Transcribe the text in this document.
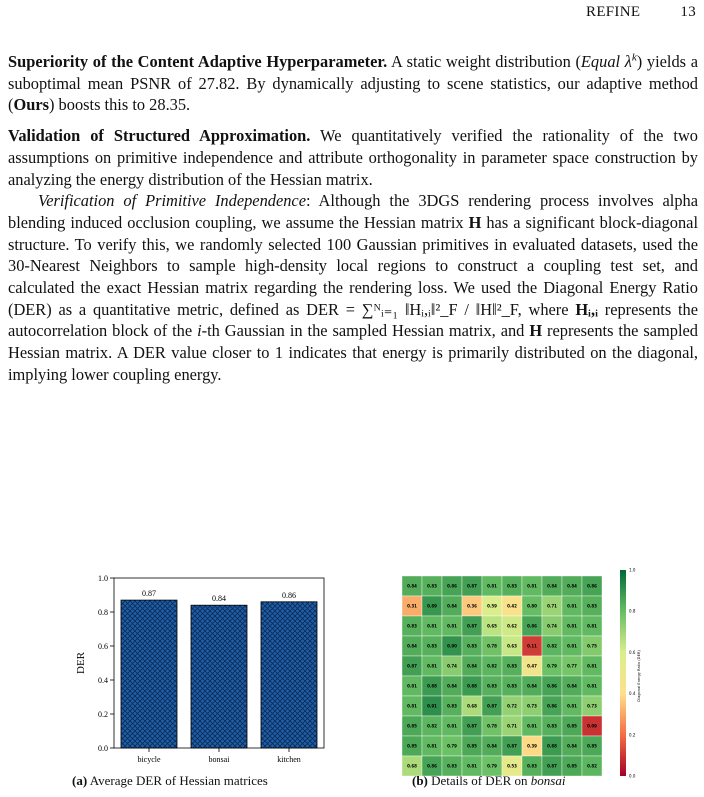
REFINE	13

Superiority of the Content Adaptive Hyperparameter. A static weight distribution (Equal $\lambda^k$) yields a suboptimal mean PSNR of 27.82. By dynamically adjusting to scene statistics, our adaptive method (Ours) boosts this to 28.35.

Validation of Structured Approximation. We quantitatively verified the rationality of the two assumptions on primitive independence and attribute orthogonality in parameter space construction by analyzing the energy distribution of the Hessian matrix.

Verification of Primitive Independence: Although the 3DGS rendering process involves alpha blending induced occlusion coupling, we assume the Hessian matrix H has a significant block-diagonal structure. To verify this, we randomly selected 100 Gaussian primitives in evaluated datasets, used the 30-Nearest Neighbors to sample high-density local regions to construct a coupling test set, and calculated the exact Hessian matrix regarding the rendering loss. We used the Diagonal Energy Ratio (DER) as a quantitative metric, defined as DER = ∑ᴺᵢ₌₁ ‖Hᵢ,ᵢ‖²_F / ‖H‖²_F, where Hᵢ,ᵢ represents the autocorrelation block of the i-th Gaussian in the sampled Hessian matrix, and H represents the sampled Hessian matrix. A DER value closer to 1 indicates that energy is primarily distributed on the diagonal, implying lower coupling energy.

0.0
0.2
0.4
0.6
0.8
1.0
DER
0.87
bicycle
0.84
bonsai
0.86
kitchen
0.84	0.83	0.86	0.87	0.81	0.83	0.81	0.84	0.84	0.86
0.31	0.89	0.84	0.36	0.59	0.42	0.80	0.71	0.81	0.83
0.83	0.81	0.81	0.87	0.65	0.62	0.86	0.74	0.81	0.81
0.84	0.83	0.90	0.83	0.78	0.63	0.11	0.82	0.81	0.75
0.87	0.81	0.74	0.84	0.82	0.83	0.47	0.79	0.77	0.81
0.81	0.88	0.84	0.88	0.83	0.83	0.84	0.86	0.84	0.81
0.81	0.91	0.83	0.68	0.87	0.72	0.73	0.86	0.81	0.73
0.85	0.82	0.81	0.87	0.78	0.71	0.81	0.83	0.85	0.09
0.85	0.81	0.79	0.85	0.84	0.87	0.39	0.88	0.84	0.85
0.68	0.86	0.83	0.81	0.79	0.53	0.83	0.87	0.85	0.82
0.0
0.2
0.4
0.6
0.8
1.0
Diagonal Energy Ratio (DER)
(a) Average DER of Hessian matrices	(b) Details of DER on bonsai
